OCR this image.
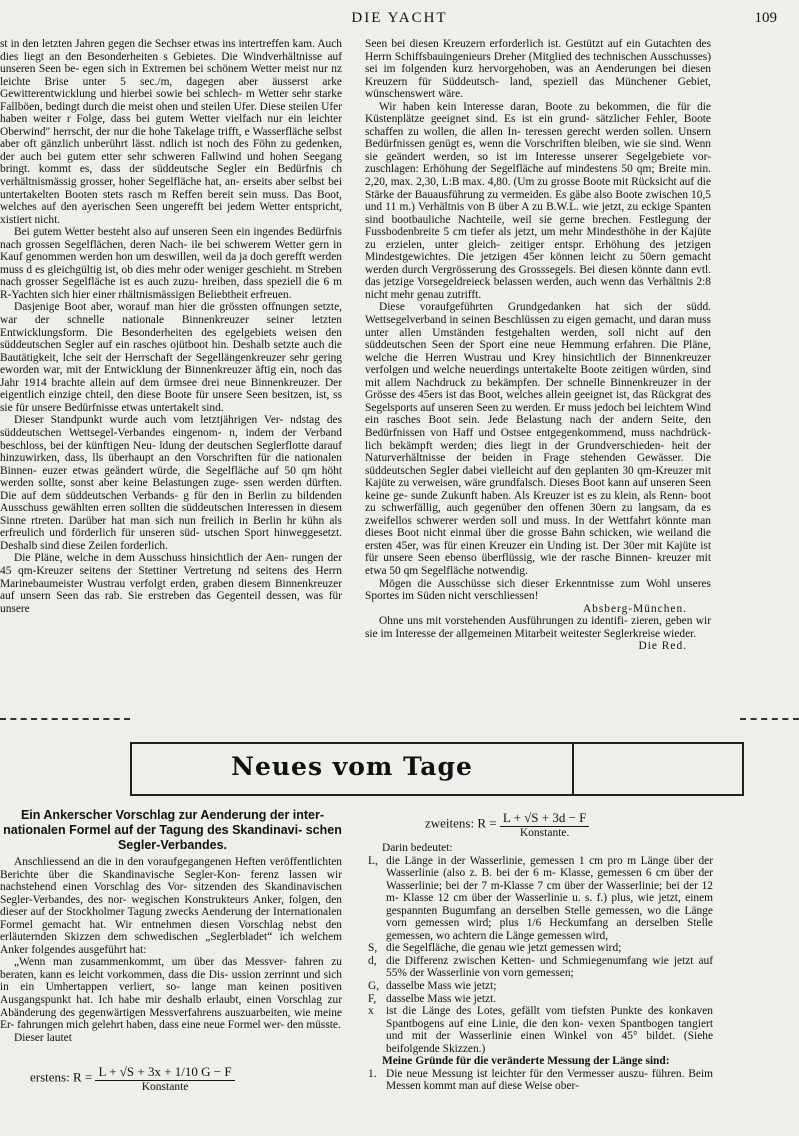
DIE YACHT	109

st in den letzten Jahren gegen die Sechser etwas ins intertreffen kam. Auch dies liegt an den Besonderheiten s Gebietes. Die Windverhältnisse auf unseren Seen be- egen sich in Extremen bei schönem Wetter meist nur nz leichte Brise unter 5 sec./m, dagegen aber äusserst arke Gewitterentwicklung und hierbei sowie bei schlech- m Wetter sehr starke Fallböen, bedingt durch die meist ohen und steilen Ufer. Diese steilen Ufer haben weiter r Folge, dass bei gutem Wetter vielfach nur ein leichter Oberwind" herrscht, der nur die hohe Takelage trifft, e Wasserfläche selbst aber oft gänzlich unberührt lässt. ndlich ist noch des Föhn zu gedenken, der auch bei gutem etter sehr schweren Fallwind und hohen Seegang bringt. kommt es, dass der süddeutsche Segler ein Bedürfnis ch verhältnismässig grosser, hoher Segelfläche hat, an- erseits aber selbst bei untertakelten Booten stets rasch m Reffen bereit sein muss. Das Boot, welches auf den ayerischen Seen ungerefft bei jedem Wetter entspricht, xistiert nicht.

Bei gutem Wetter besteht also auf unseren Seen ein ingendes Bedürfnis nach grossen Segelflächen, deren Nach- ile bei schwerem Wetter gern in Kauf genommen werden hon um deswillen, weil da ja doch gerefft werden muss d es gleichgültig ist, ob dies mehr oder weniger geschieht. m Streben nach grosser Segelfläche ist es auch zuzu- hreiben, dass speziell die 6 m R-Yachten sich hier einer rhältnismässigen Beliebtheit erfreuen.

Dasjenige Boot aber, worauf man hier die grössten offnungen setzte, war der schnelle nationale Binnenkreuzer seiner letzten Entwicklungsform. Die Besonderheiten des egelgebiets weisen den süddeutschen Segler auf ein rasches ojütboot hin. Deshalb setzte auch die Bautätigkeit, lche seit der Herrschaft der Segellängenkreuzer sehr gering eworden war, mit der Entwicklung der Binnenkreuzer äftig ein, noch das Jahr 1914 brachte allein auf dem ürmsee drei neue Binnenkreuzer. Der eigentlich einzige chteil, den diese Boote für unsere Seen besitzen, ist, ss sie für unsere Bedürfnisse etwas untertakelt sind.

Dieser Standpunkt wurde auch vom letztjährigen Ver- ndstag des süddeutschen Wettsegel-Verbandes eingenom- n, indem der Verband beschloss, bei der künftigen Neu- ldung der deutschen Seglerflotte darauf hinzuwirken, dass, lls überhaupt an den Vorschriften für die nationalen Binnen- euzer etwas geändert würde, die Segelfläche auf 50 qm höht werden sollte, sonst aber keine Belastungen zuge- ssen werden dürften. Die auf dem süddeutschen Verbands- g für den in Berlin zu bildenden Ausschuss gewählten erren sollten die süddeutschen Interessen in diesem Sinne rtreten. Darüber hat man sich nun freilich in Berlin hr kühn als erfreulich und förderlich für unseren süd- utschen Sport hinweggesetzt. Deshalb sind diese Zeilen forderlich.

Die Pläne, welche in dem Ausschuss hinsichtlich der Aen- rungen der 45 qm-Kreuzer seitens der Stettiner Vertretung nd seitens des Herrn Marinebaumeister Wustrau verfolgt erden, graben diesem Binnenkreuzer auf unsern Seen das rab. Sie erstreben das Gegenteil dessen, was für unsere

Seen bei diesen Kreuzern erforderlich ist. Gestützt auf ein Gutachten des Herrn Schiffsbauingenieurs Dreher (Mitglied des technischen Ausschusses) sei im folgenden kurz hervorgehoben, was an Aenderungen bei diesen Kreuzern für Süddeutsch- land, speziell das Münchener Gebiet, wünschenswert wäre.

Wir haben kein Interesse daran, Boote zu bekommen, die für die Küstenplätze geeignet sind. Es ist ein grund- sätzlicher Fehler, Boote schaffen zu wollen, die allen In- teressen gerecht werden sollen. Unsern Bedürfnissen genügt es, wenn die Vorschriften bleiben, wie sie sind. Wenn sie geändert werden, so ist im Interesse unserer Segelgebiete vor- zuschlagen: Erhöhung der Segelfläche auf mindestens 50 qm; Breite min. 2,20, max. 2,30, L:B max. 4,80. (Um zu grosse Boote mit Rücksicht auf die Stärke der Bauausführung zu vermeiden. Es gäbe also Boote zwischen 10,5 und 11 m.) Verhältnis von B über A zu B.W.L. wie jetzt, zu eckige Spanten sind bootbauliche Nachteile, weil sie gerne brechen. Festlegung der Fussbodenbreite 5 cm tiefer als jetzt, um mehr Mindesthöhe in der Kajüte zu erzielen, unter gleich- zeitiger entspr. Erhöhung des jetzigen Mindestgewichtes. Die jetzigen 45er können leicht zu 50ern gemacht werden durch Vergrösserung des Grosssegels. Bei diesen könnte dann evtl. das jetzige Vorsegeldreieck belassen werden, auch wenn das Verhältnis 2:8 nicht mehr genau zutrifft.

Diese voraufgeführten Grundgedanken hat sich der südd. Wettsegelverband in seinen Beschlüssen zu eigen gemacht, und daran muss unter allen Umständen festgehalten werden, soll nicht auf den süddeutschen Seen der Sport eine neue Hemmung erfahren. Die Pläne, welche die Herren Wustrau und Krey hinsichtlich der Binnenkreuzer verfolgen und welche neuerdings untertakelte Boote zeitigen würden, sind mit allem Nachdruck zu bekämpfen. Der schnelle Binnenkreuzer in der Grösse des 45ers ist das Boot, welches allein geeignet ist, das Rückgrat des Segelsports auf unseren Seen zu werden. Er muss jedoch bei leichtem Wind ein rasches Boot sein. Jede Belastung nach der andern Seite, den Bedürfnissen von Haff und Ostsee entgegenkommend, muss nachdrück- lich bekämpft werden; dies liegt in der Grundverschieden- heit der Naturverhältnisse der beiden in Frage stehenden Gewässer. Die süddeutschen Segler dabei vielleicht auf den geplanten 30 qm-Kreuzer mit Kajüte zu verweisen, wäre grundfalsch. Dieses Boot kann auf unseren Seen keine ge- sunde Zukunft haben. Als Kreuzer ist es zu klein, als Renn- boot zu schwerfällig, auch gegenüber den offenen 30ern zu langsam, da es zweifellos schwerer werden soll und muss. In der Wettfahrt könnte man dieses Boot nicht einmal über die grosse Bahn schicken, wie weiland die ersten 45er, was für einen Kreuzer ein Unding ist. Der 30er mit Kajüte ist für unsere Seen ebenso überflüssig, wie der rasche Binnen- kreuzer mit etwa 50 qm Segelfläche notwendig.

Mögen die Ausschüsse sich dieser Erkenntnisse zum Wohl unseres Sportes im Süden nicht verschliessen!

Absberg-München.

Ohne uns mit vorstehenden Ausführungen zu identifi- zieren, geben wir sie im Interesse der allgemeinen Mitarbeit weitester Seglerkreise wieder.

Die Red.
Neues vom Tage
Ein Ankerscher Vorschlag zur Aenderung der inter- nationalen Formel auf der Tagung des Skandinavi- schen Segler-Verbandes.

Anschliessend an die in den voraufgegangenen Heften veröffentlichten Berichte über die Skandinavische Segler-Kon- ferenz lassen wir nachstehend einen Vorschlag des Vor- sitzenden des Skandinavischen Segler-Verbandes, des nor- wegischen Konstrukteurs Anker, folgen, den dieser auf der Stockholmer Tagung zwecks Aenderung der Internationalen Formel gemacht hat. Wir entnehmen diesen Vorschlag nebst den erläuternden Skizzen dem schwedischen „Seglerbladet“ ich welchem Anker folgendes ausgeführt hat:

„Wenn man zusammenkommt, um über das Messver- fahren zu beraten, kann es leicht vorkommen, dass die Dis- ussion zerrinnt und sich in ein Umhertappen verliert, so- lange man keinen positiven Ausgangspunkt hat. Ich habe mir deshalb erlaubt, einen Vorschlag zur Abänderung des gegenwärtigen Messverfahrens auszuarbeiten, wie meine Er- fahrungen mich gelehrt haben, dass eine neue Formel wer- den müsste.

Dieser lautet

erstens: $R = \frac{L + √S + 3x + 1/10 G - F}{\text{Konstante}}$
zweitens: $R = \frac{L + √S + 3d - F}{\text{Konstante.}}$

Darin bedeutet:

L, die Länge in der Wasserlinie, gemessen 1 cm pro m Länge über der Wasserlinie (also z. B. bei der 6 m- Klasse, gemessen 6 cm über der Wasserlinie; bei der 7 m-Klasse 7 cm über der Wasserlinie; bei der 12 m- Klasse 12 cm über der Wasserlinie u. s. f.) plus, wie jetzt, einem gespannten Bugumfang an derselben Stelle gemessen, wo die Länge vorn gemessen wird; plus 1/6 Heckumfang an derselben Stelle gemessen, wo achtern die Länge gemessen wird,
S, die Segelfläche, die genau wie jetzt gemessen wird;
d, die Differenz zwischen Ketten- und Schmiegenumfang wie jetzt auf 55% der Wasserlinie von vorn gemessen;
G, dasselbe Mass wie jetzt;
F, dasselbe Mass wie jetzt.
x ist die Länge des Lotes, gefällt vom tiefsten Punkte des konkaven Spantbogens auf eine Linie, die den kon- vexen Spantbogen tangiert und mit der Wasserlinie einen Winkel von 45° bildet. (Siehe beifolgende Skizzen.)

Meine Gründe für die veränderte Messung der Länge sind:

1. Die neue Messung ist leichter für den Vermesser auszu- führen. Beim Messen kommt man auf diese Weise ober-
